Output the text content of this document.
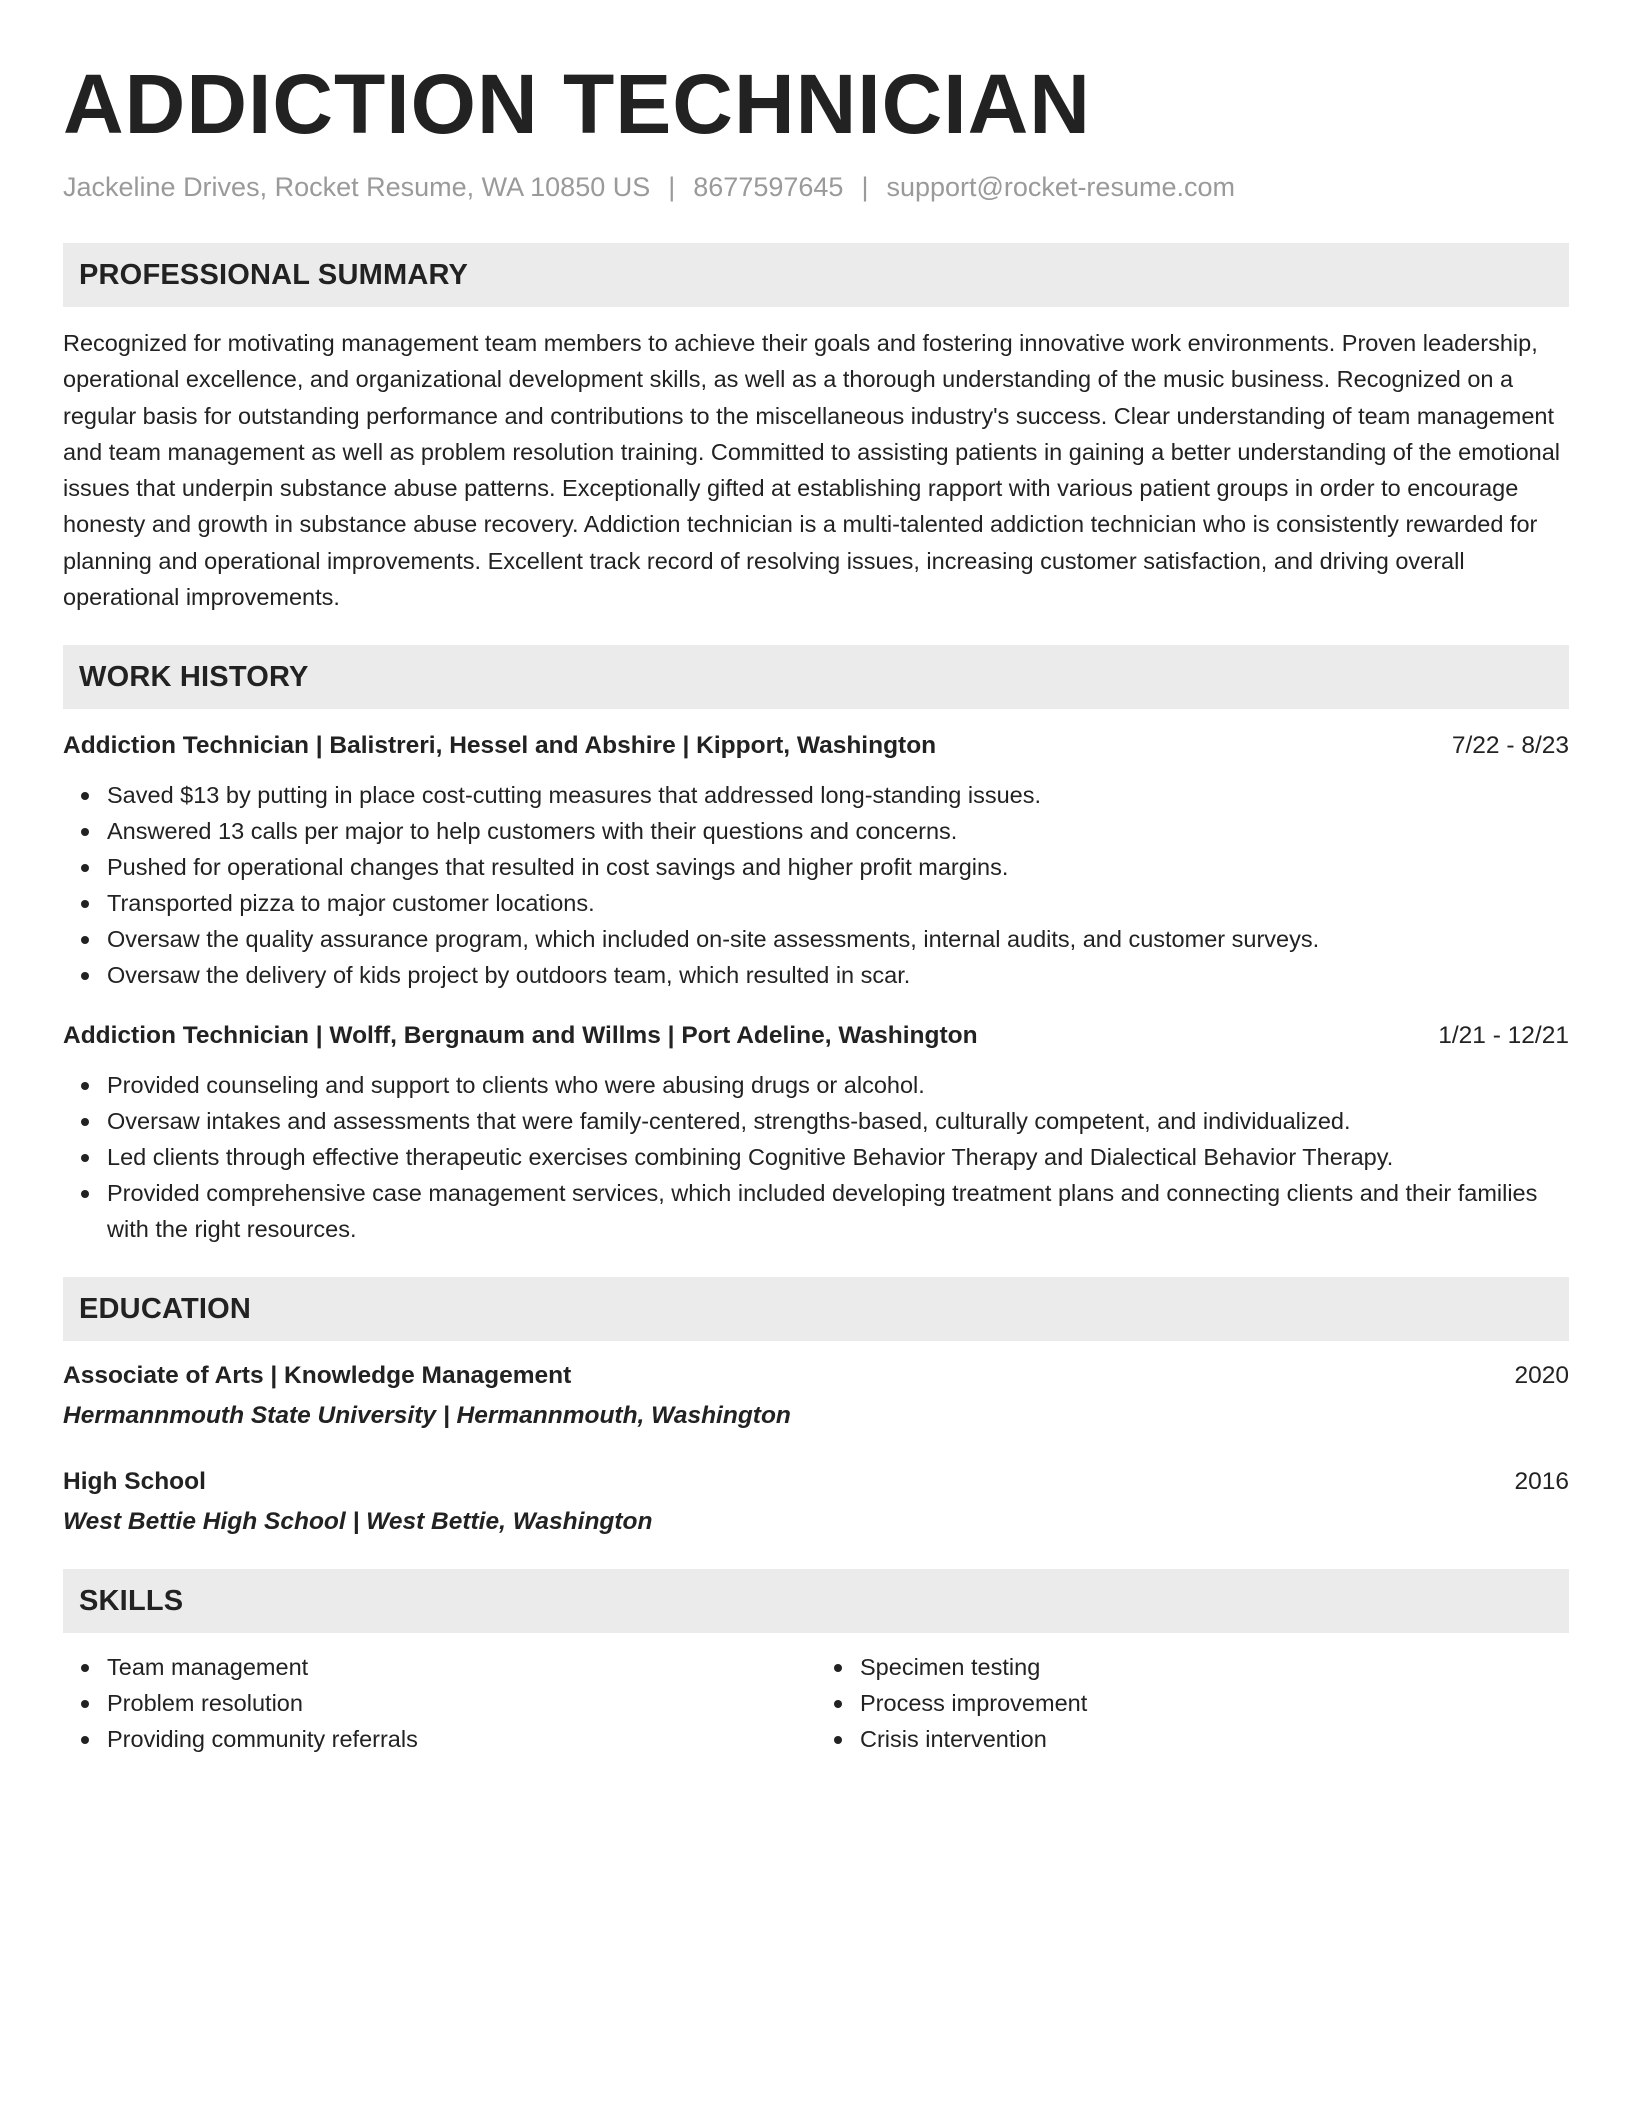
ADDICTION TECHNICIAN
Jackeline Drives, Rocket Resume, WA 10850 US | 8677597645 | support@rocket-resume.com
PROFESSIONAL SUMMARY
Recognized for motivating management team members to achieve their goals and fostering innovative work environments. Proven leadership, operational excellence, and organizational development skills, as well as a thorough understanding of the music business. Recognized on a regular basis for outstanding performance and contributions to the miscellaneous industry's success. Clear understanding of team management and team management as well as problem resolution training. Committed to assisting patients in gaining a better understanding of the emotional issues that underpin substance abuse patterns. Exceptionally gifted at establishing rapport with various patient groups in order to encourage honesty and growth in substance abuse recovery. Addiction technician is a multi-talented addiction technician who is consistently rewarded for planning and operational improvements. Excellent track record of resolving issues, increasing customer satisfaction, and driving overall operational improvements.
WORK HISTORY
Addiction Technician | Balistreri, Hessel and Abshire | Kipport, Washington	7/22 - 8/23
Saved $13 by putting in place cost-cutting measures that addressed long-standing issues.
Answered 13 calls per major to help customers with their questions and concerns.
Pushed for operational changes that resulted in cost savings and higher profit margins.
Transported pizza to major customer locations.
Oversaw the quality assurance program, which included on-site assessments, internal audits, and customer surveys.
Oversaw the delivery of kids project by outdoors team, which resulted in scar.
Addiction Technician | Wolff, Bergnaum and Willms | Port Adeline, Washington	1/21 - 12/21
Provided counseling and support to clients who were abusing drugs or alcohol.
Oversaw intakes and assessments that were family-centered, strengths-based, culturally competent, and individualized.
Led clients through effective therapeutic exercises combining Cognitive Behavior Therapy and Dialectical Behavior Therapy.
Provided comprehensive case management services, which included developing treatment plans and connecting clients and their families with the right resources.
EDUCATION
Associate of Arts | Knowledge Management	2020
Hermannmouth State University | Hermannmouth, Washington
High School	2016
West Bettie High School | West Bettie, Washington
SKILLS
Team management
Problem resolution
Providing community referrals
Specimen testing
Process improvement
Crisis intervention
